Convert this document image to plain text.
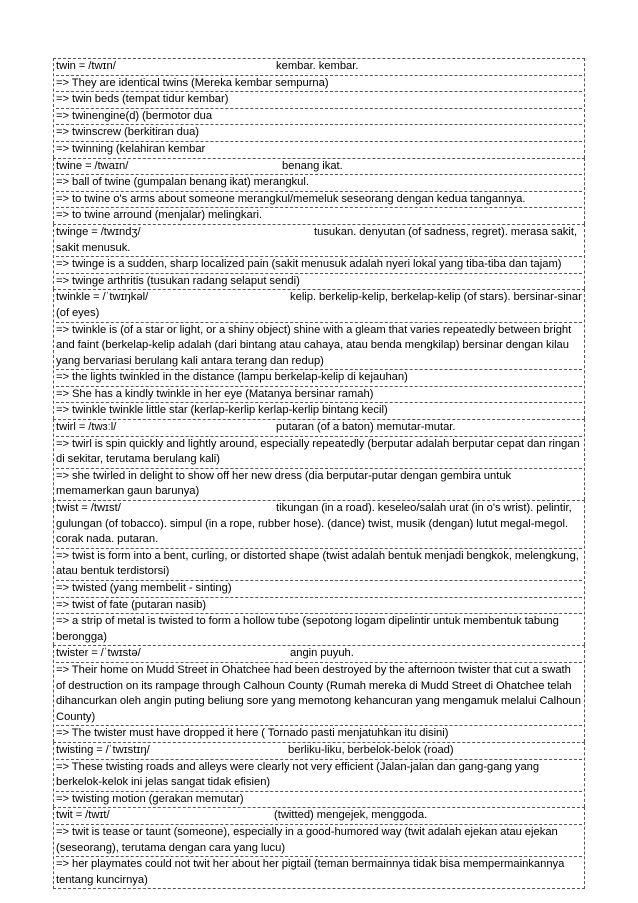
twin = /twɪn/	kembar. kembar.
=> They are identical twins (Mereka kembar sempurna)
=> twin beds (tempat tidur kembar)
=> twinengine(d) (bermotor dua
=> twinscrew (berkitiran dua)
=> twinning (kelahiran kembar
twine = /twaɪn/	benang ikat.
=> ball of twine (gumpalan benang ikat) merangkul.
=> to twine o's arms about someone merangkul/memeluk seseorang dengan kedua tangannya.
=> to twine arround (menjalar) melingkari.
twinge = /twɪndʒ/	tusukan. denyutan (of sadness, regret). merasa sakit, sakit menusuk.
=> twinge is a sudden, sharp localized pain (sakit menusuk adalah nyeri lokal yang tiba-tiba dan tajam)
=> twinge arthritis (tusukan radang selaput sendi)
twinkle = /ˈtwɪŋkəl/	kelip. berkelip-kelip, berkelap-kelip (of stars). bersinar-sinar (of eyes)
=> twinkle is (of a star or light, or a shiny object) shine with a gleam that varies repeatedly between bright and faint (berkelap-kelip adalah (dari bintang atau cahaya, atau benda mengkilap) bersinar dengan kilau yang bervariasi berulang kali antara terang dan redup)
=> the lights twinkled in the distance (lampu berkelap-kelip di kejauhan)
=> She has a kindly twinkle in her eye (Matanya bersinar ramah)
=> twinkle twinkle little star (kerlap-kerlip kerlap-kerlip bintang kecil)
twirl = /twɜːl/	putaran (of a baton) memutar-mutar.
=> twirl is spin quickly and lightly around, especially repeatedly (berputar adalah berputar cepat dan ringan di sekitar, terutama berulang kali)
=> she twirled in delight to show off her new dress (dia berputar-putar dengan gembira untuk memamerkan gaun barunya)
twist = /twɪst/	tikungan (in a road). keseleo/salah urat (in o's wrist). pelintir, gulungan (of tobacco). simpul (in a rope, rubber hose). (dance) twist, musik (dengan) lutut megal-megol. corak nada. putaran.
=> twist is form into a bent, curling, or distorted shape (twist adalah bentuk menjadi bengkok, melengkung, atau bentuk terdistorsi)
=> twisted (yang membelit - sinting)
=> twist of fate (putaran nasib)
=> a strip of metal is twisted to form a hollow tube (sepotong logam dipelintir untuk membentuk tabung berongga)
twister = /ˈtwɪstə/	angin puyuh.
=> Their home on Mudd Street in Ohatchee had been destroyed by the afternoon twister that cut a swath of destruction on its rampage through Calhoun County (Rumah mereka di Mudd Street di Ohatchee telah dihancurkan oleh angin puting beliung sore yang memotong kehancuran yang mengamuk melalui Calhoun County)
=> The twister must have dropped it here ( Tornado pasti menjatuhkan itu disini)
twisting = /ˈtwɪstɪŋ/	berliku-liku, berbelok-belok (road)
=> These twisting roads and alleys were clearly not very efficient (Jalan-jalan dan gang-gang yang berkelok-kelok ini jelas sangat tidak efisien)
=> twisting motion (gerakan memutar)
twit = /twɪt/	(twitted) mengejek, menggoda.
=> twit is tease or taunt (someone), especially in a good-humored way (twit adalah ejekan atau ejekan (seseorang), terutama dengan cara yang lucu)
=> her playmates could not twit her about her pigtail (teman bermainnya tidak bisa mempermainkannya tentang kuncirnya)
